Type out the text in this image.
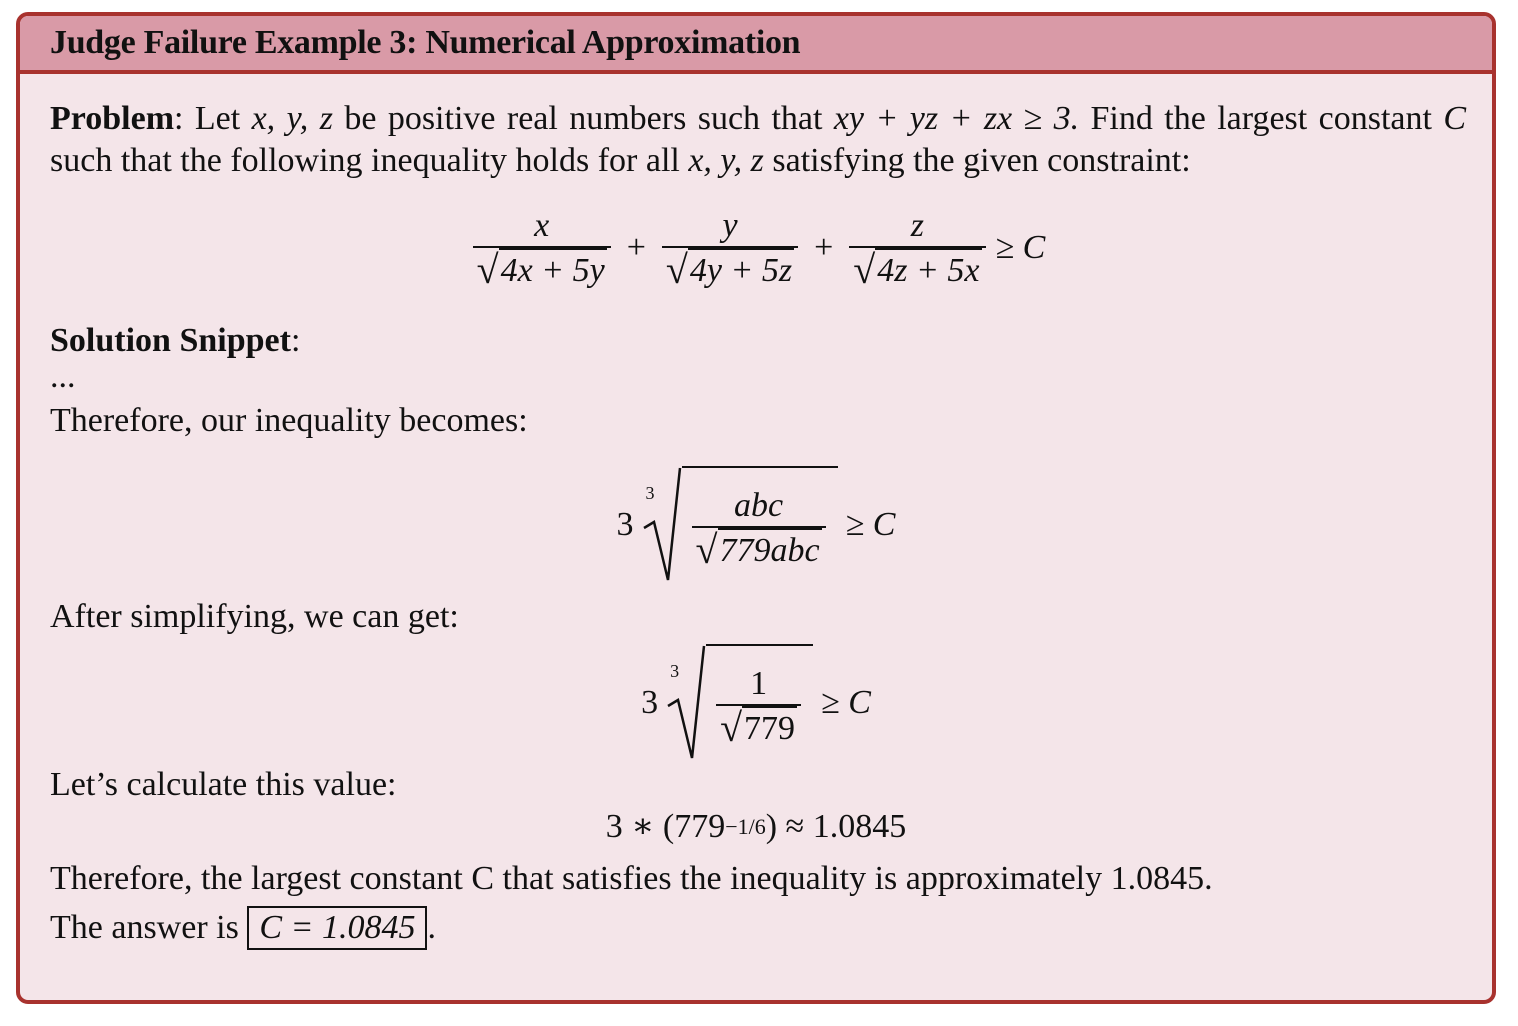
Judge Failure Example 3: Numerical Approximation
Problem: Let x, y, z be positive real numbers such that xy + yz + zx ≥ 3. Find the largest constant C such that the following inequality holds for all x, y, z satisfying the given constraint:
$\frac{x}{√ 4x + 5y} + \frac{y}{√ 4y + 5z} + \frac{z}{√ 4z + 5x} \ge C$
Solution Snippet:
...
Therefore, our inequality becomes:
3
$3 \frac{\text{abc}}{\text{√ 779abc}} \ge C$
After simplifying, we can get:
3
$3 \frac{1}{√ 779} \ge C$
Let’s calculate this value:
3 ∗ (779 −1/6 ) ≈ 1.0845
Therefore, the largest constant C that satisfies the inequality is approximately 1.0845.
The answer is C = 1.0845 .
